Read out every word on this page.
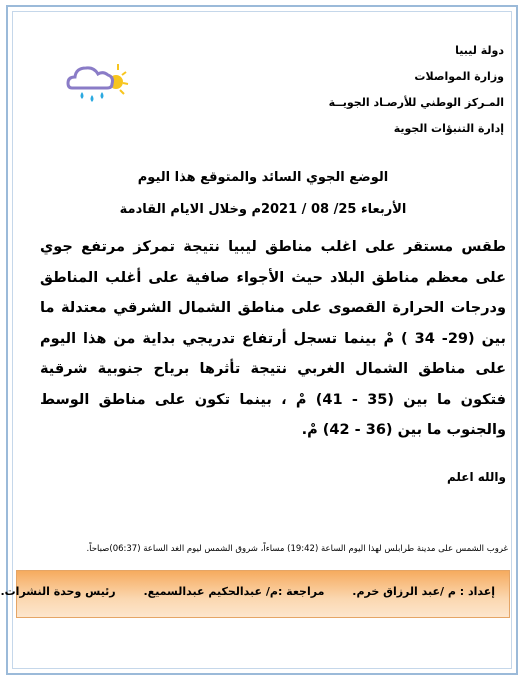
دولة ليبيا
وزارة المواصلات
المـركز الوطني للأرصـاد الجويــة
إدارة التنبؤات الجوية
الوضع الجوي السائد والمتوقع هذا اليوم
الأربعاء 25/ 08 / 2021م وخلال الايام القادمة
طقس مستقر على اغلب مناطق ليبيا نتيجة تمركز مرتفع جوي على معظم مناطق البلاد حيث الأجواء صافية على أغلب المناطق ودرجات الحرارة القصوى على مناطق الشمال الشرقي معتدلة ما بين (29- 34 ) مْ بينما تسجل أرتفاع تدريجي بداية من هذا اليوم على مناطق الشمال الغربي نتيجة تأثرها برياح جنوبية شرقية فتكون ما بين (35 - 41) مْ ، بينما تكون على مناطق الوسط والجنوب ما بين (36 - 42) مْ.
والله اعلم
غروب الشمس على مدينة طرابلس لهذا اليوم الساعة (19:42) مساءاً، شروق الشمس ليوم الغد الساعة (06:37)صباحاً.
إعداد : م /عبد الرزاق خرم. مراجعة :م/ عبدالحكيم عبدالسميع. رئيس وحدة النشرات.
